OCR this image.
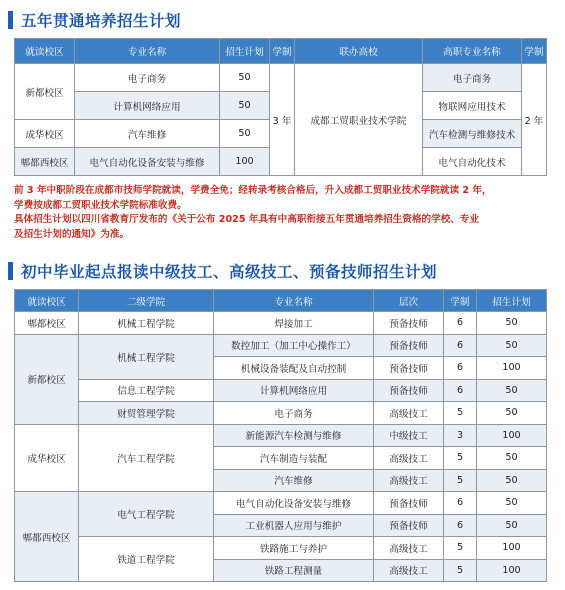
五年贯通培养招生计划
就读校区	专业名称	招生计划	学制	联办高校	高职专业名称	学制
新都校区	电子商务	50	3 年	成都工贸职业技术学院	电子商务	2 年
	计算机网络应用	50			物联网应用技术	
成华校区	汽车维修	50			汽车检测与维修技术	
郫都西校区	电气自动化设备安装与维修	100			电气自动化技术	
前 3 年中职阶段在成都市技师学院就读，学费全免；经转录考核合格后，升入成都工贸职业技术学院就读 2 年，
学费按成都工贸职业技术学院标准收费。
具体招生计划以四川省教育厅发布的《关于公布 2025 年具有中高职衔接五年贯通培养招生资格的学校、专业
及招生计划的通知》为准。
初中毕业起点报读中级技工、高级技工、预备技师招生计划
就读校区	二级学院	专业名称	层次	学制	招生计划
郫都校区	机械工程学院	焊接加工	预备技师	6	50
新都校区	机械工程学院	数控加工（加工中心操作工）	预备技师	6	50
		机械设备装配及自动控制	预备技师	6	100
	信息工程学院	计算机网络应用	预备技师	6	50
	财贸管理学院	电子商务	高级技工	5	50
成华校区	汽车工程学院	新能源汽车检测与维修	中级技工	3	100
		汽车制造与装配	高级技工	5	50
		汽车维修	高级技工	5	50
郫都西校区	电气工程学院	电气自动化设备安装与维修	预备技师	6	50
		工业机器人应用与维护	预备技师	6	50
	铁道工程学院	铁路施工与养护	高级技工	5	100
		铁路工程测量	高级技工	5	100
